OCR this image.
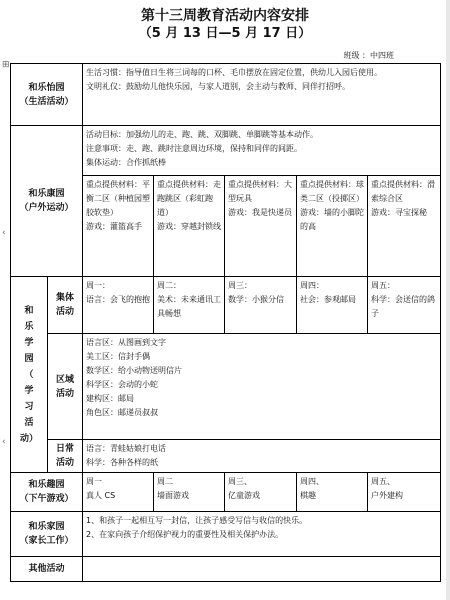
第十三周教育活动内容安排
（5 月 13 日—5 月 17 日）
班级 ：中四班
和乐怡园
（生活活动）
生活习惯：指导值日生将三词每的口杯、毛巾摆放在固定位置，供幼儿入园后使用。
文明礼仪：鼓励幼儿他快乐园，与家人道别，会主动与教师、同伴打招呼。
和乐康园
（户外运动）
活动目标：加强幼儿的走、跑、跳、双脚跳、单脚跳等基本动作。
注意事项：走、跑、跳时注意周边环境，保持和同伴的间距。
集体运动：合作抓纸棒
重点提供材料：平衡二区（种植园塑胶软垫）
游戏：灌篮高手
重点提供材料：走跑跳区（彩虹跑道）
游戏：穿越封锁线
重点提供材料：大型玩具
游戏：我是快递员
重点提供材料：球类二区（投掷区）
游戏：墙的小脚陀的高
重点提供材料：滑索综合区
游戏：寻宝探秘
和
乐
学
园
（
学
习
活
动）
集体
活动
周一：
语言：会飞的抱抱
周二：
美术：未来通讯工具畅想
周三：
数学：小猴分信
周四：
社会：参观邮局
周五：
科学：会送信的鸽子
区域
活动
语言区：从图画到文字
美工区：信封手偶
数学区：给小动物送明信片
科学区：会动的小蛇
建构区：邮局
角色区：邮递员叔叔
日常
活动
语言：青蛙姑娘打电话
科学：各种各样的纸
和乐趣园
（下午游戏）
周一
真人 CS
周二
墙面游戏
周三、
亿童游戏
周四、
棋趣
周五、
户外建构
和乐家园
（家长工作）
1、和孩子一起相互写一封信，让孩子感受写信与收信的快乐。
2、在家向孩子介绍保护视力的重要性及相关保护办法。
其他活动
⊞
‹
‹
